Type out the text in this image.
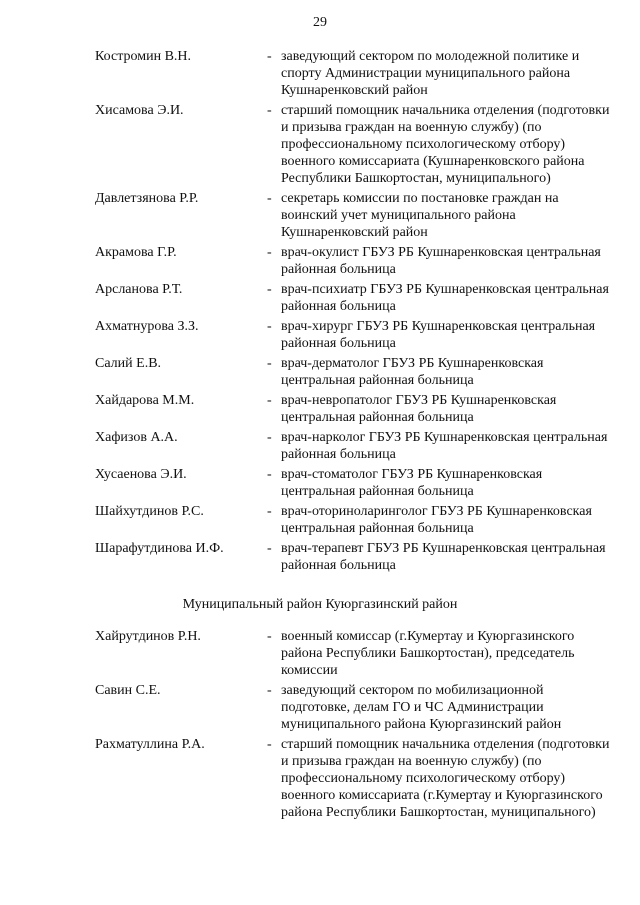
29
Костромин В.Н.	- заведующий сектором по молодежной политике и спорту Администрации муниципального района Кушнаренковский район
Хисамова Э.И.	- старший помощник начальника отделения (подготовки и призыва граждан на военную службу) (по профессиональному психологическому отбору) военного комиссариата (Кушнаренковского района Республики Башкортостан, муниципального)
Давлетзянова Р.Р.	- секретарь комиссии по постановке граждан на воинский учет муниципального района Кушнаренковский район
Акрамова Г.Р.	- врач-окулист ГБУЗ РБ Кушнаренковская центральная районная больница
Арсланова Р.Т.	- врач-психиатр ГБУЗ РБ Кушнаренковская центральная районная больница
Ахматнурова З.З.	- врач-хирург ГБУЗ РБ Кушнаренковская центральная районная больница
Салий Е.В.	- врач-дерматолог ГБУЗ РБ Кушнаренковская центральная районная больница
Хайдарова М.М.	- врач-невропатолог ГБУЗ РБ Кушнаренковская центральная районная больница
Хафизов А.А.	- врач-нарколог ГБУЗ РБ Кушнаренковская центральная районная больница
Хусаенова Э.И.	- врач-стоматолог ГБУЗ РБ Кушнаренковская центральная районная больница
Шайхутдинов Р.С.	- врач-оториноларинголог ГБУЗ РБ Кушнаренковская центральная районная больница
Шарафутдинова И.Ф.	- врач-терапевт ГБУЗ РБ Кушнаренковская центральная районная больница
Муниципальный район Куюргазинский район
Хайрутдинов Р.Н.	- военный комиссар (г.Кумертау и Куюргазинского района Республики Башкортостан), председатель комиссии
Савин С.Е.	- заведующий сектором по мобилизационной подготовке, делам ГО и ЧС Администрации муниципального района Куюргазинский район
Рахматуллина Р.А.	- старший помощник начальника отделения (подготовки и призыва граждан на военную службу) (по профессиональному психологическому отбору) военного комиссариата (г.Кумертау и Куюргазинского района Республики Башкортостан, муниципального)
